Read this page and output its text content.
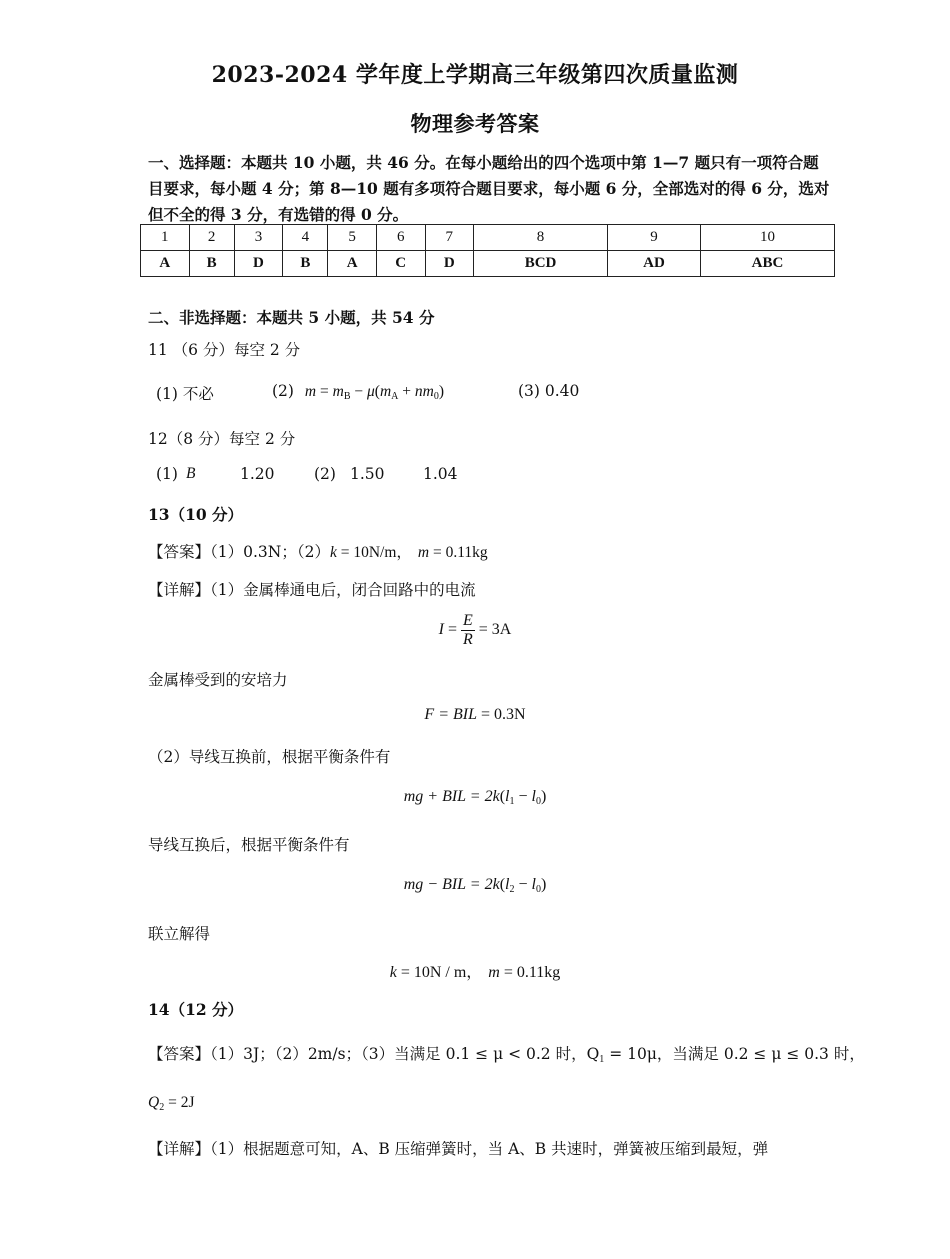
2023-2024 学年度上学期高三年级第四次质量监测
物理参考答案
一、选择题：本题共 10 小题，共 46 分。在每小题给出的四个选项中第 1—7 题只有一项符合题目要求，每小题 4 分；第 8—10 题有多项符合题目要求，每小题 6 分，全部选对的得 6 分，选对但不全的得 3 分，有选错的得 0 分。
1	2	3	4	5	6	7	8	9	10
A	B	D	B	A	C	D	BCD	AD	ABC
二、非选择题：本题共 5 小题，共 54 分
11 （6 分）每空 2 分
(1) 不必	(2) $m = m_B - \mu(m_A + nm_0)$	(3) 0.40
12（8 分）每空 2 分
(1) B	1.20	(2) 1.50 1.04
13（10 分）
【答案】（1）0.3N；（2）k = 10N/m， m = 0.11kg
【详解】（1）金属棒通电后，闭合回路中的电流
$I = \frac{E}{R} = 3A$
金属棒受到的安培力
F = BIL = 0.3N
（2）导线互换前，根据平衡条件有
mg + BIL = $2k(l_1 - l_0)$
导线互换后，根据平衡条件有
mg − BIL = $2k(l_2 - l_0)$
联立解得
k = 10N / m， m = 0.11kg
14（12 分）
【答案】（1）3J；（2）2m/s；（3）当满足 0.1 ≤ μ < 0.2 时，$Q_1 = 10\mu$，当满足 0.2 ≤ μ ≤ 0.3 时，
$Q_2 = 2J$
【详解】（1）根据题意可知，A、B 压缩弹簧时，当 A、B 共速时，弹簧被压缩到最短，弹
